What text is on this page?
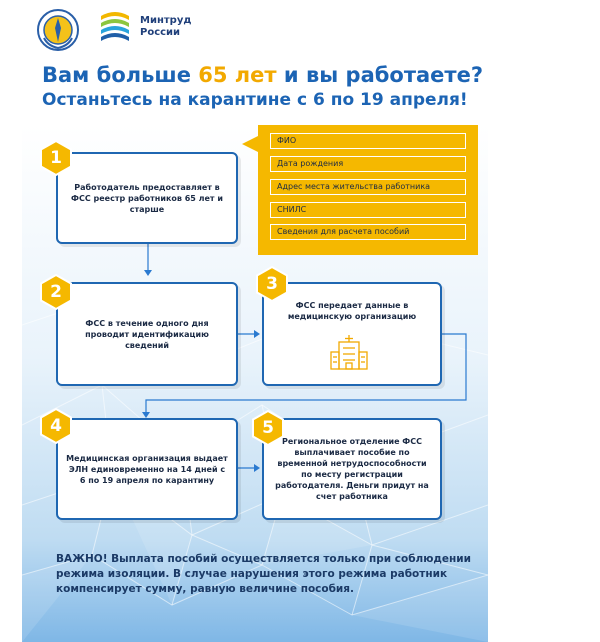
Минтруд
России
Вам больше 65 лет и вы работаете?
Останьтесь на карантине с 6 по 19 апреля!
ФИО
Дата рождения
Адрес места жительства работника
СНИЛС
Сведения для расчета пособий
Работодатель предоставляет в ФСС реестр работников 65 лет и старше
1
ФСС в течение одного дня проводит идентификацию сведений
2
ФСС передает данные в медицинскую организацию
3
Медицинская организация выдает ЭЛН единовременно на 14 дней с 6 по 19 апреля по карантину
4
Региональное отделение ФСС выплачивает пособие по временной нетрудоспособности по месту регистрации работодателя. Деньги придут на счет работника
5
ВАЖНО! Выплата пособий осуществляется только при соблюдении режима изоляции. В случае нарушения этого режима работник компенсирует сумму, равную величине пособия.
